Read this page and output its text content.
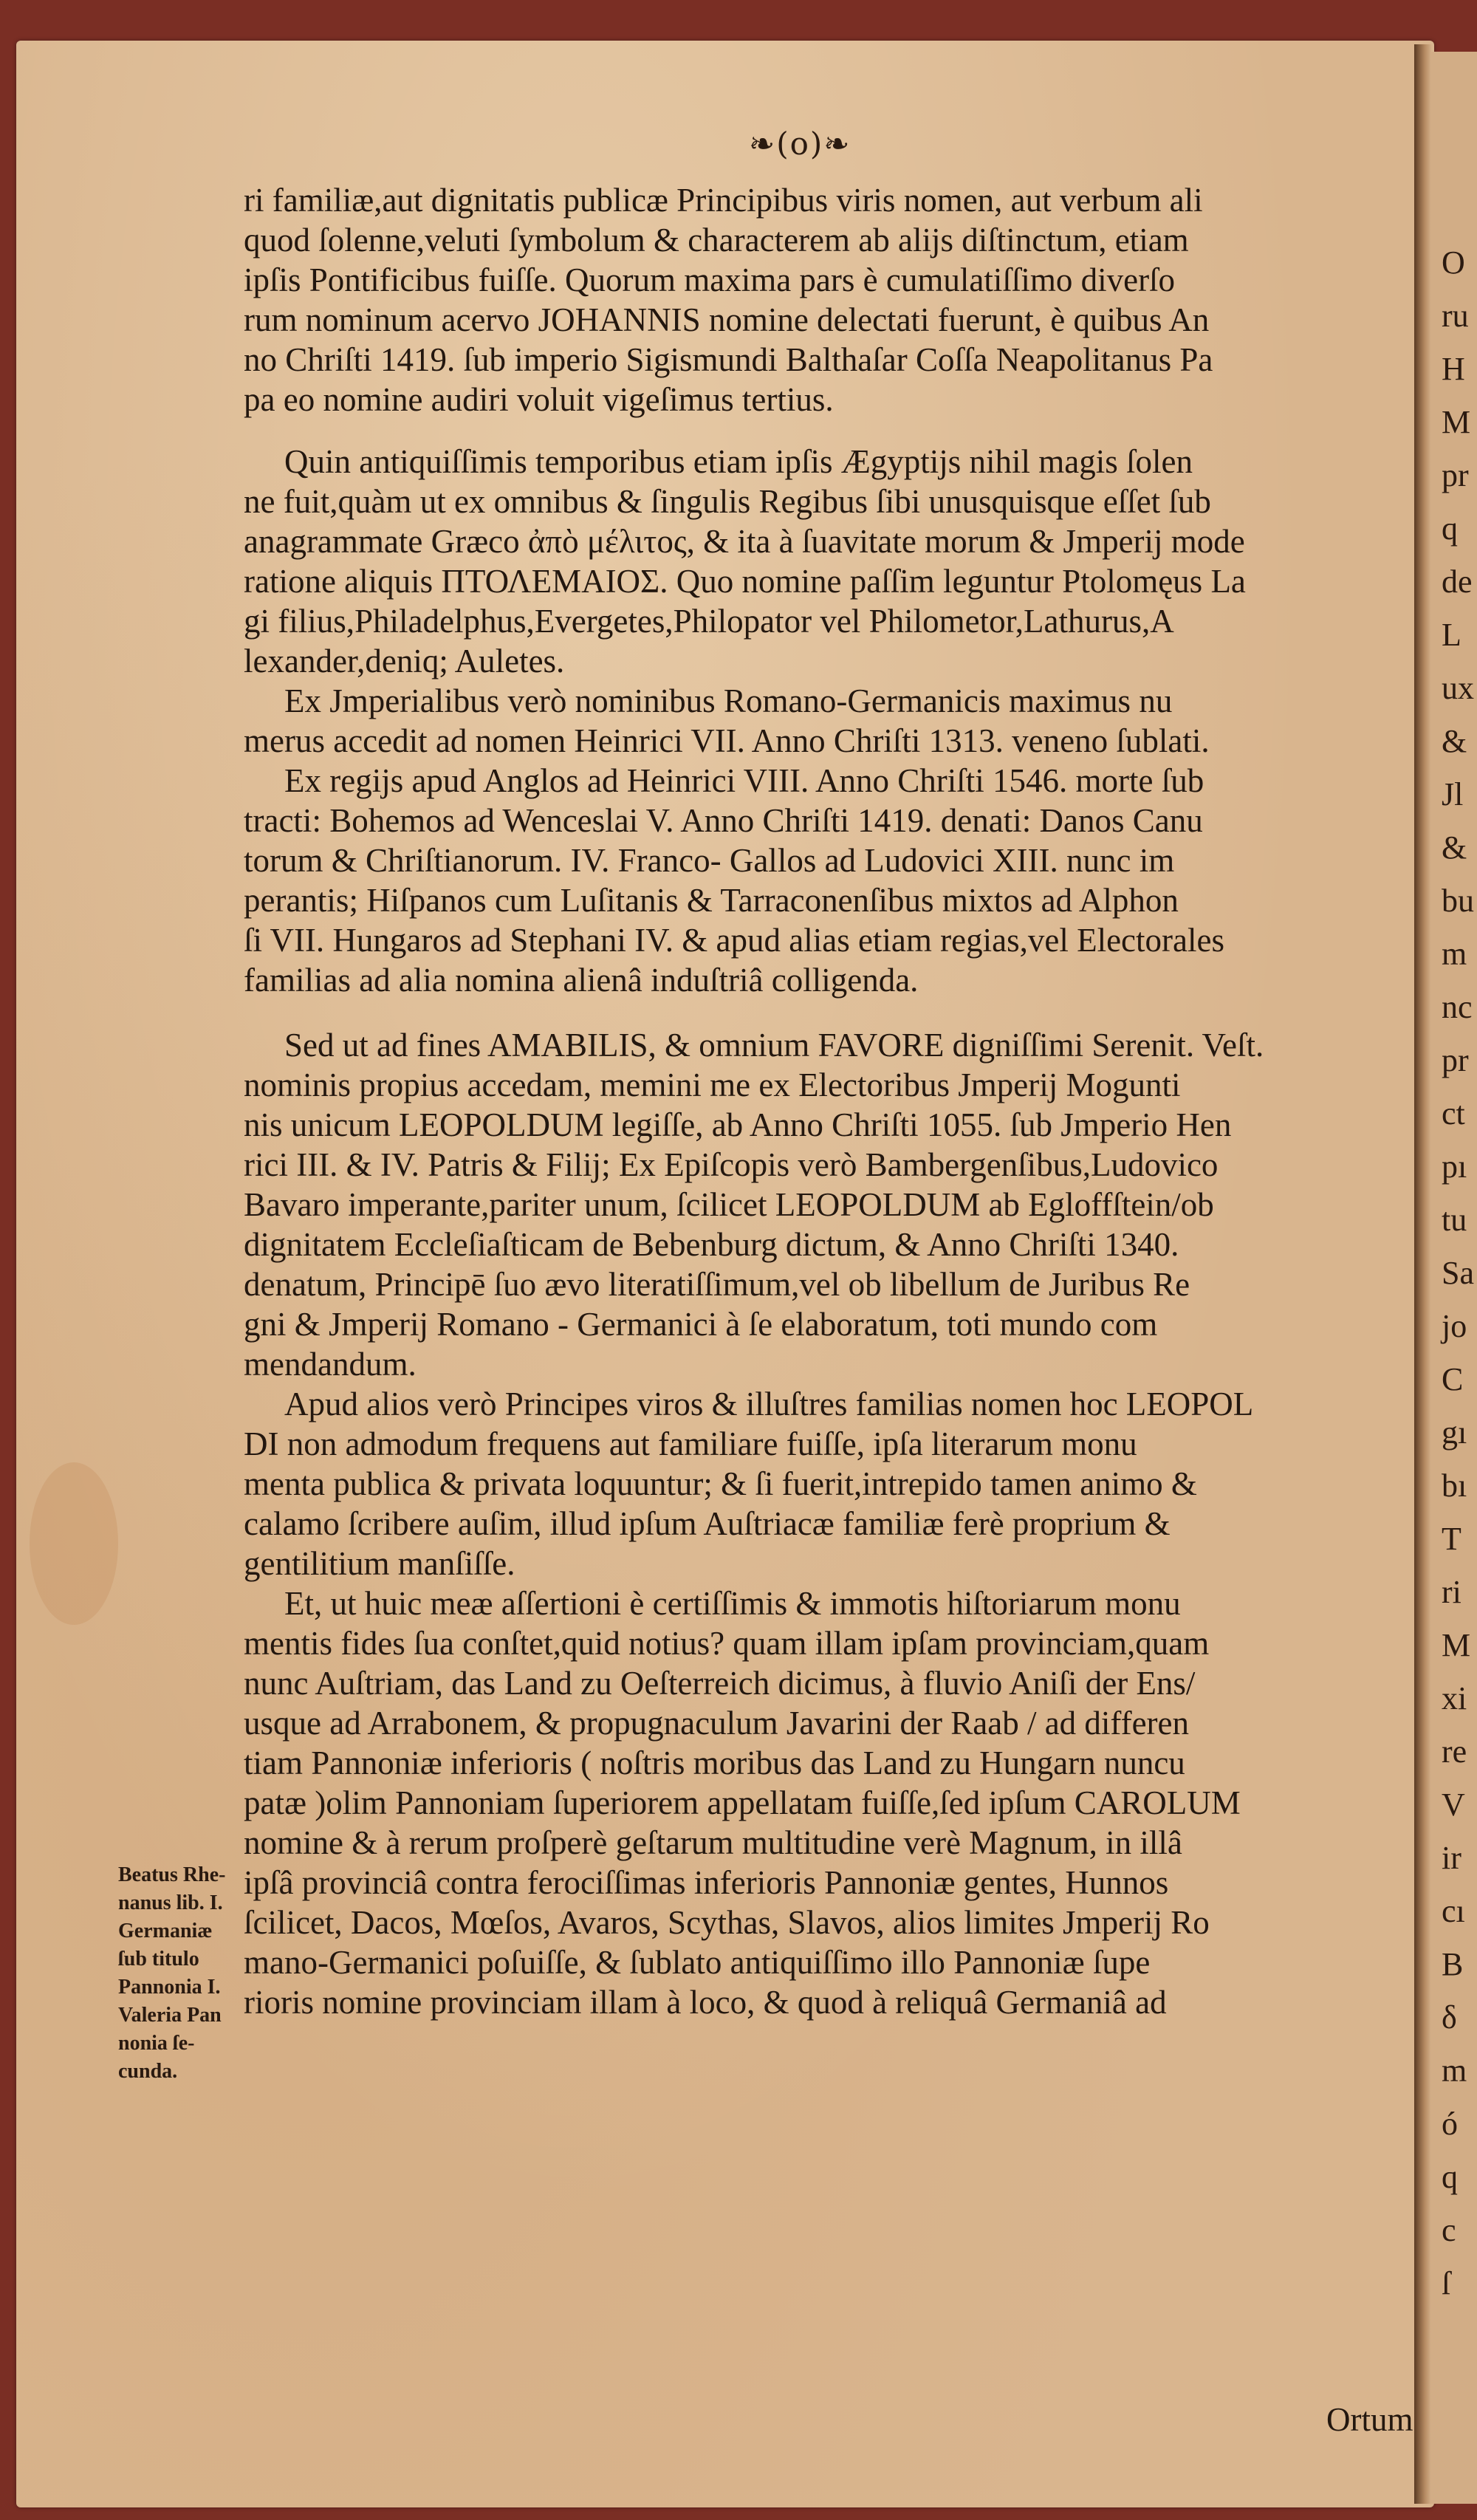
O
ru
H
M
pr
q
de
L
ux
&
Jl
&
bu
m
nc
pr
ct
pı
tu
Sa
jo
C
gı
bı
T
ri
M
xi
re
V
ir
cı
B
δ
m
ó
q
c
ſ
❧(o)❧
ri familiæ,aut dignitatis publicæ Principibus viris nomen, aut verbum ali
quod ſolenne,veluti ſymbolum & characterem ab alijs diſtinctum, etiam
ipſis Pontificibus fuiſſe. Quorum maxima pars è cumulatiſſimo diverſo
rum nominum acervo JOHANNIS nomine delectati fuerunt, è quibus An
no Chriſti 1419. ſub imperio Sigismundi Balthaſar Coſſa Neapolitanus Pa
pa eo nomine audiri voluit vigeſimus tertius.
Quin antiquiſſimis temporibus etiam ipſis Ægyptijs nihil magis ſolen
ne fuit,quàm ut ex omnibus & ſingulis Regibus ſibi unusquisque eſſet ſub
anagrammate Græco ἀπὸ μέλιτος, & ita à ſuavitate morum & Jmperij mode
ratione aliquis ΠΤΟΛΕΜΑΙΟΣ. Quo nomine paſſim leguntur Ptolomęus La
gi filius,Philadelphus,Evergetes,Philopator vel Philometor,Lathurus,A
lexander,deniq; Auletes.
Ex Jmperialibus verò nominibus Romano-Germanicis maximus nu
merus accedit ad nomen Heinrici VII. Anno Chriſti 1313. veneno ſublati.
Ex regijs apud Anglos ad Heinrici VIII. Anno Chriſti 1546. morte ſub
tracti: Bohemos ad Wenceslai V. Anno Chriſti 1419. denati: Danos Canu
torum & Chriſtianorum. IV. Franco- Gallos ad Ludovici XIII. nunc im
perantis; Hiſpanos cum Luſitanis & Tarraconenſibus mixtos ad Alphon
ſi VII. Hungaros ad Stephani IV. & apud alias etiam regias,vel Electorales
familias ad alia nomina alienâ induſtriâ colligenda.
Sed ut ad fines AMABILIS, & omnium FAVORE digniſſimi Serenit. Veſt.
nominis propius accedam, memini me ex Electoribus Jmperij Mogunti
nis unicum LEOPOLDUM legiſſe, ab Anno Chriſti 1055. ſub Jmperio Hen
rici III. & IV. Patris & Filij; Ex Epiſcopis verò Bambergenſibus,Ludovico
Bavaro imperante,pariter unum, ſcilicet LEOPOLDUM ab Egloffſtein/ob
dignitatem Eccleſiaſticam de Bebenburg dictum, & Anno Chriſti 1340.
denatum, Principē ſuo ævo literatiſſimum,vel ob libellum de Juribus Re
gni & Jmperij Romano - Germanici à ſe elaboratum, toti mundo com
mendandum.
Apud alios verò Principes viros & illuſtres familias nomen hoc LEOPOL
DI non admodum frequens aut familiare fuiſſe, ipſa literarum monu
menta publica & privata loquuntur; & ſi fuerit,intrepido tamen animo &
calamo ſcribere auſim, illud ipſum Auſtriacæ familiæ ferè proprium &
gentilitium manſiſſe.
Et, ut huic meæ aſſertioni è certiſſimis & immotis hiſtoriarum monu
mentis fides ſua conſtet,quid notius? quam illam ipſam provinciam,quam
nunc Auſtriam, das Land zu Oeſterreich dicimus, à fluvio Aniſi der Ens/
usque ad Arrabonem, & propugnaculum Javarini der Raab / ad differen
tiam Pannoniæ inferioris ( noſtris moribus das Land zu Hungarn nuncu
patæ )olim Pannoniam ſuperiorem appellatam fuiſſe,ſed ipſum CAROLUM
nomine & à rerum proſperè geſtarum multitudine verè Magnum, in illâ
ipſâ provinciâ contra ferociſſimas inferioris Pannoniæ gentes, Hunnos
ſcilicet, Dacos, Mœſos, Avaros, Scythas, Slavos, alios limites Jmperij Ro
mano-Germanici poſuiſſe, & ſublato antiquiſſimo illo Pannoniæ ſupe
rioris nomine provinciam illam à loco, & quod à reliquâ Germaniâ ad
Beatus Rhe-nanus lib. I. Germaniæ ſub titulo Pannonia I. Valeria Pan nonia ſe-cunda.
Ortum
